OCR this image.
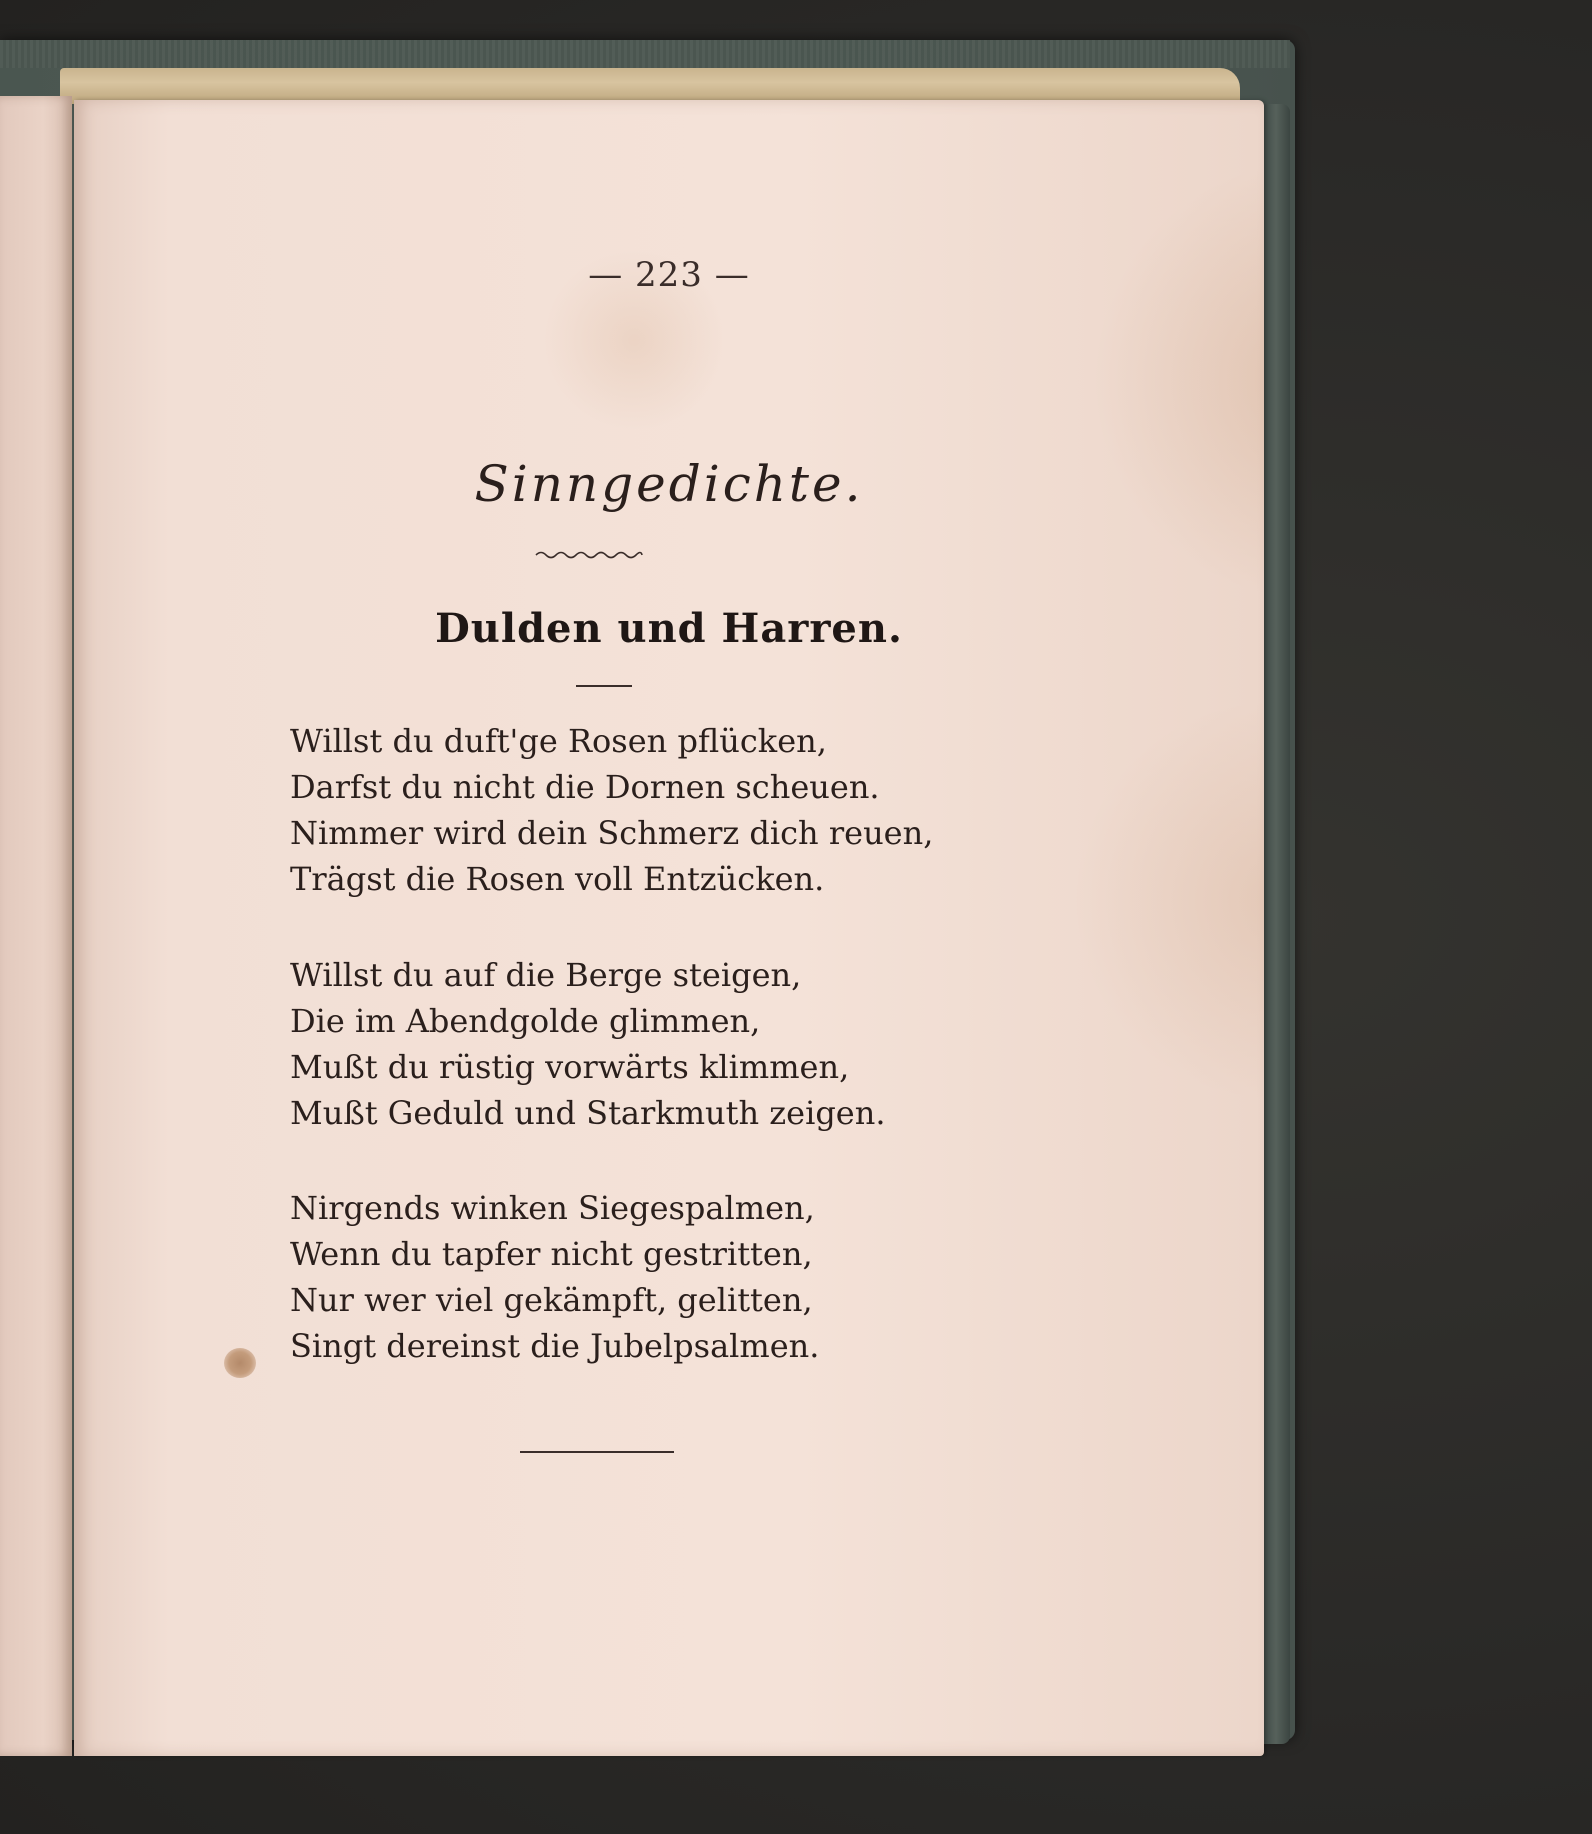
— 223 —
Sinngedichte.
Dulden und Harren.
Willst du duft'ge Rosen pflücken,
Darfst du nicht die Dornen scheuen.
Nimmer wird dein Schmerz dich reuen,
Trägst die Rosen voll Entzücken.
Willst du auf die Berge steigen,
Die im Abendgolde glimmen,
Mußt du rüstig vorwärts klimmen,
Mußt Geduld und Starkmuth zeigen.
Nirgends winken Siegespalmen,
Wenn du tapfer nicht gestritten,
Nur wer viel gekämpft, gelitten,
Singt dereinst die Jubelpsalmen.
